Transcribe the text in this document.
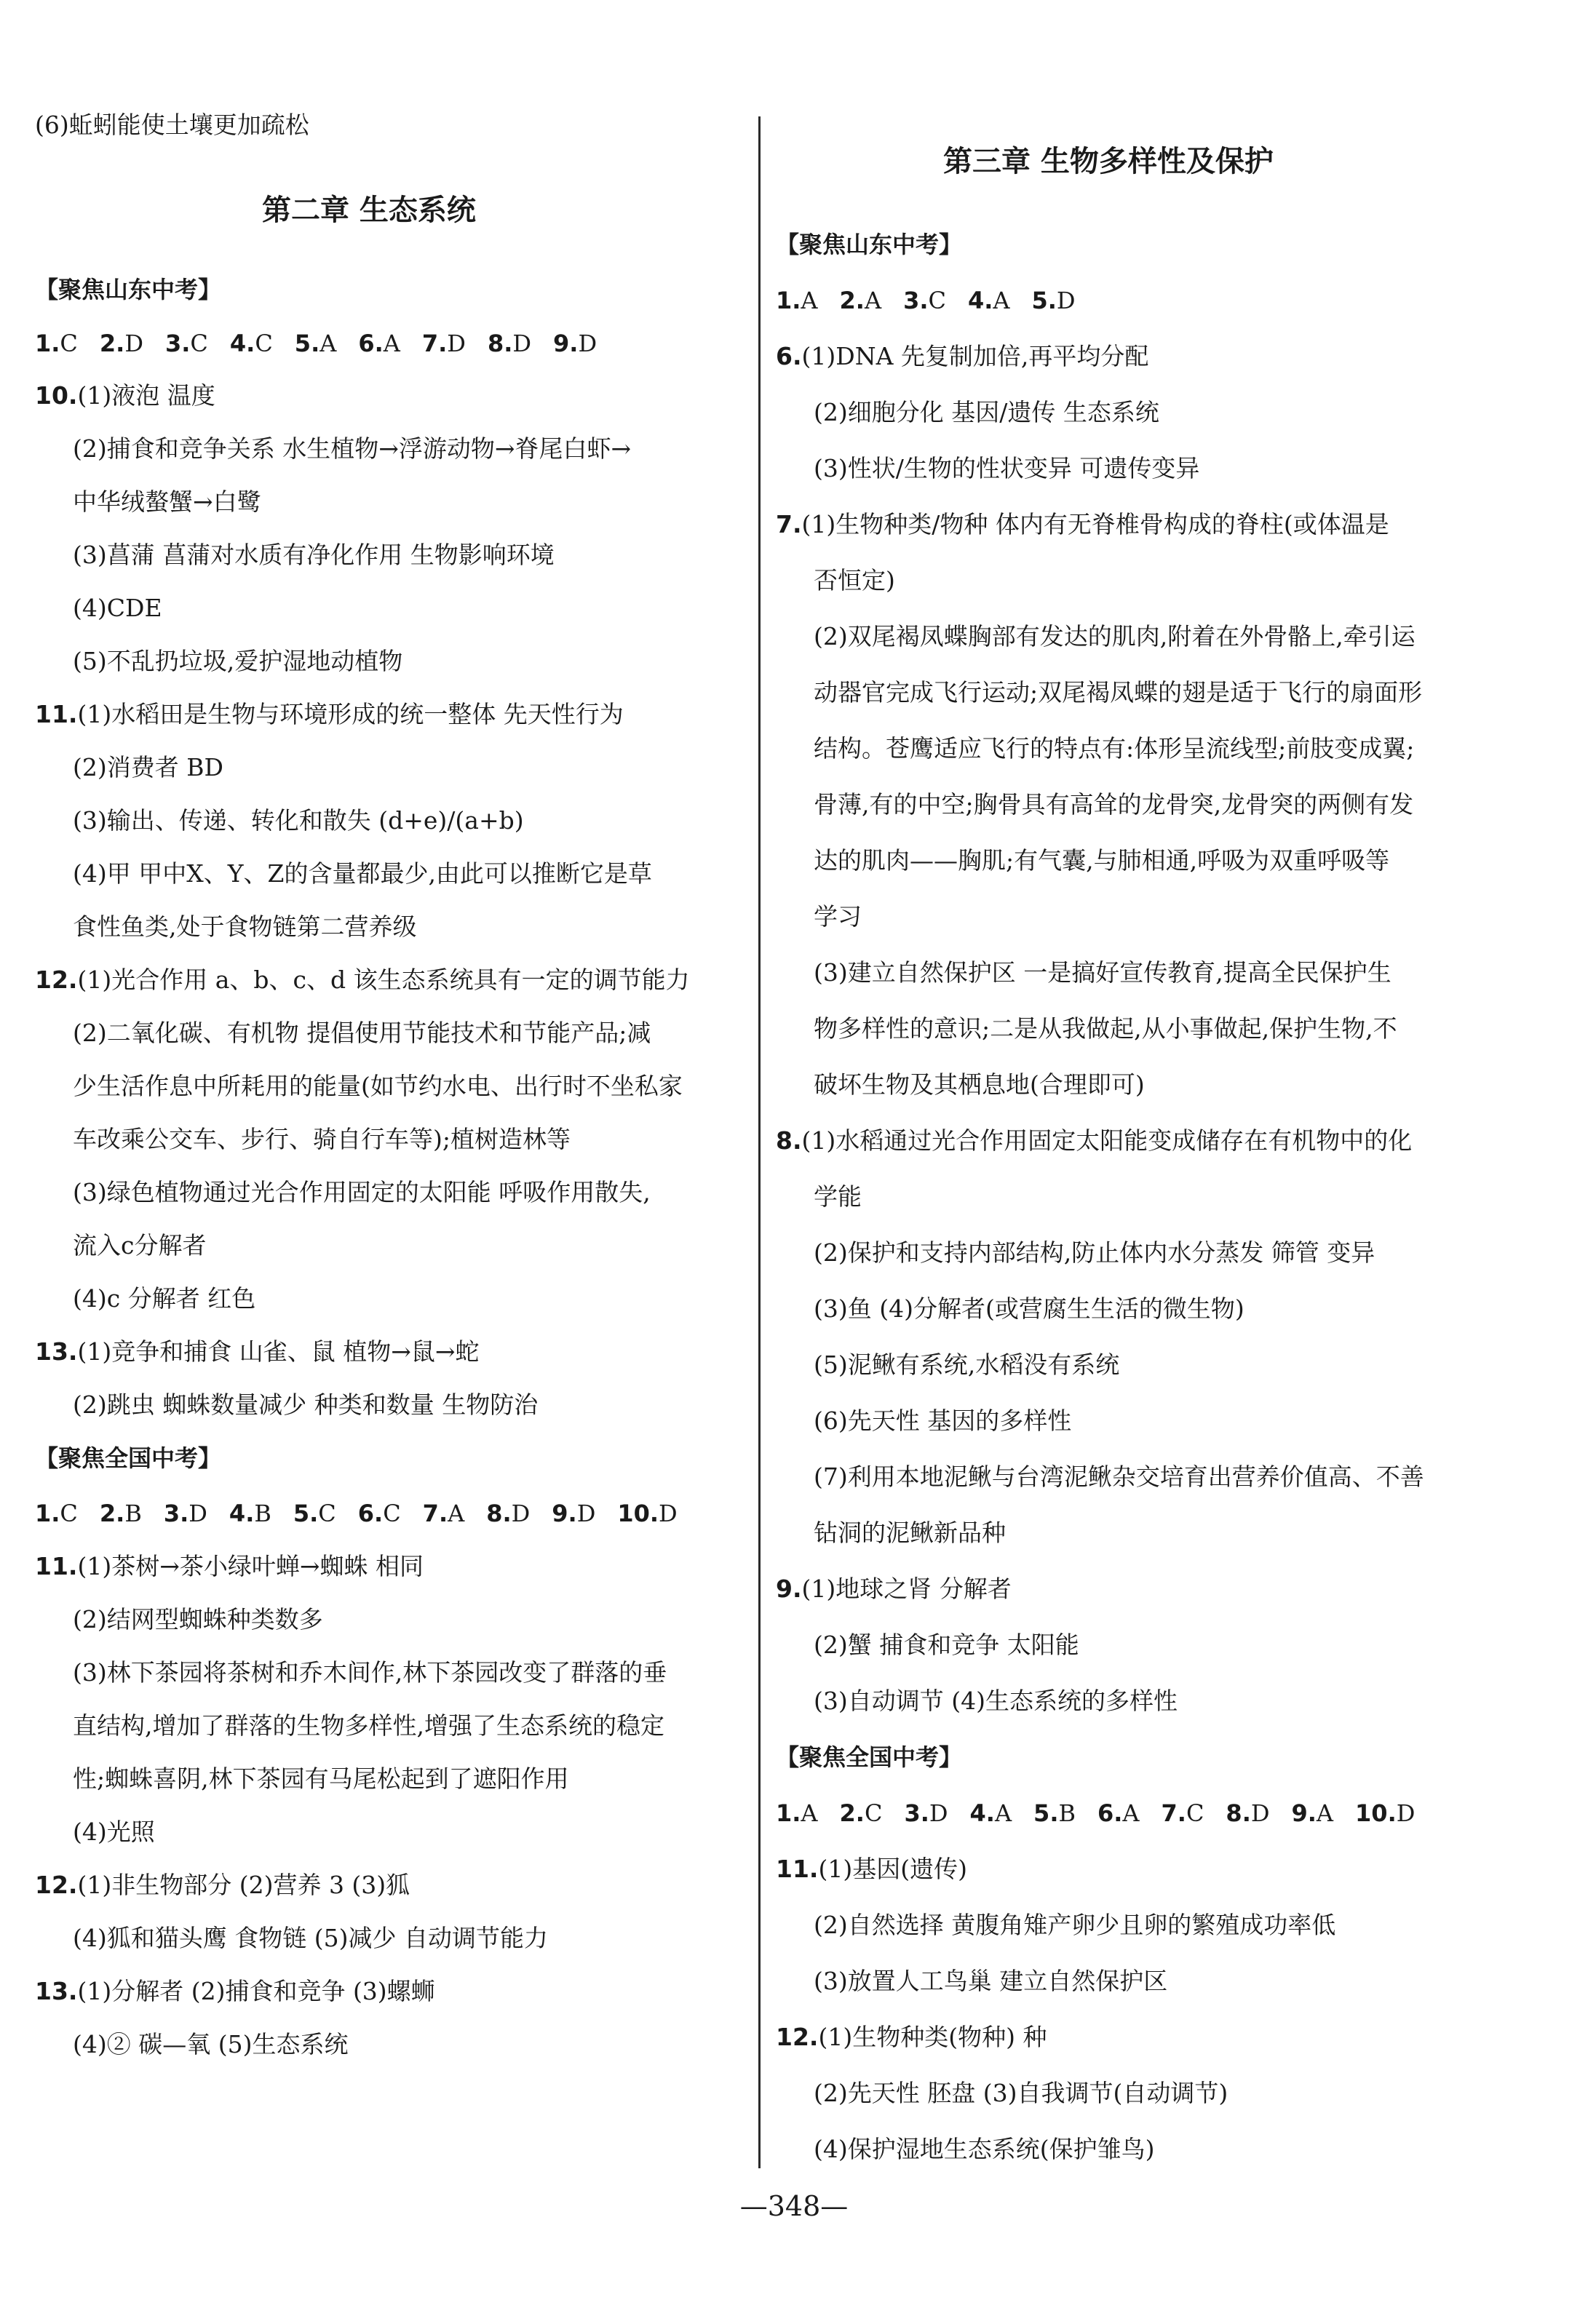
(6)蚯蚓能使土壤更加疏松
第二章 生态系统
【聚焦山东中考】
1.C 2.D 3.C 4.C 5.A 6.A 7.D 8.D 9.D
10.(1)液泡 温度
(2)捕食和竞争关系 水生植物→浮游动物→脊尾白虾→
中华绒螯蟹→白鹭
(3)菖蒲 菖蒲对水质有净化作用 生物影响环境
(4)CDE
(5)不乱扔垃圾,爱护湿地动植物
11.(1)水稻田是生物与环境形成的统一整体 先天性行为
(2)消费者 BD
(3)输出、传递、转化和散失 (d+e)/(a+b)
(4)甲 甲中X、Y、Z的含量都最少,由此可以推断它是草
食性鱼类,处于食物链第二营养级
12.(1)光合作用 a、b、c、d 该生态系统具有一定的调节能力
(2)二氧化碳、有机物 提倡使用节能技术和节能产品;减
少生活作息中所耗用的能量(如节约水电、出行时不坐私家
车改乘公交车、步行、骑自行车等);植树造林等
(3)绿色植物通过光合作用固定的太阳能 呼吸作用散失,
流入c分解者
(4)c 分解者 红色
13.(1)竞争和捕食 山雀、鼠 植物→鼠→蛇
(2)跳虫 蜘蛛数量减少 种类和数量 生物防治
【聚焦全国中考】
1.C 2.B 3.D 4.B 5.C 6.C 7.A 8.D 9.D 10.D
11.(1)茶树→茶小绿叶蝉→蜘蛛 相同
(2)结网型蜘蛛种类数多
(3)林下茶园将茶树和乔木间作,林下茶园改变了群落的垂
直结构,增加了群落的生物多样性,增强了生态系统的稳定
性;蜘蛛喜阴,林下茶园有马尾松起到了遮阳作用
(4)光照
12.(1)非生物部分 (2)营养 3 (3)狐
(4)狐和猫头鹰 食物链 (5)减少 自动调节能力
13.(1)分解者 (2)捕食和竞争 (3)螺蛳
(4)② 碳—氧 (5)生态系统
第三章 生物多样性及保护
【聚焦山东中考】
1.A 2.A 3.C 4.A 5.D
6.(1)DNA 先复制加倍,再平均分配
(2)细胞分化 基因/遗传 生态系统
(3)性状/生物的性状变异 可遗传变异
7.(1)生物种类/物种 体内有无脊椎骨构成的脊柱(或体温是
否恒定)
(2)双尾褐凤蝶胸部有发达的肌肉,附着在外骨骼上,牵引运
动器官完成飞行运动;双尾褐凤蝶的翅是适于飞行的扇面形
结构。苍鹰适应飞行的特点有:体形呈流线型;前肢变成翼;
骨薄,有的中空;胸骨具有高耸的龙骨突,龙骨突的两侧有发
达的肌肉——胸肌;有气囊,与肺相通,呼吸为双重呼吸等
学习
(3)建立自然保护区 一是搞好宣传教育,提高全民保护生
物多样性的意识;二是从我做起,从小事做起,保护生物,不
破坏生物及其栖息地(合理即可)
8.(1)水稻通过光合作用固定太阳能变成储存在有机物中的化
学能
(2)保护和支持内部结构,防止体内水分蒸发 筛管 变异
(3)鱼 (4)分解者(或营腐生生活的微生物)
(5)泥鳅有系统,水稻没有系统
(6)先天性 基因的多样性
(7)利用本地泥鳅与台湾泥鳅杂交培育出营养价值高、不善
钻洞的泥鳅新品种
9.(1)地球之肾 分解者
(2)蟹 捕食和竞争 太阳能
(3)自动调节 (4)生态系统的多样性
【聚焦全国中考】
1.A 2.C 3.D 4.A 5.B 6.A 7.C 8.D 9.A 10.D
11.(1)基因(遗传)
(2)自然选择 黄腹角雉产卵少且卵的繁殖成功率低
(3)放置人工鸟巢 建立自然保护区
12.(1)生物种类(物种) 种
(2)先天性 胚盘 (3)自我调节(自动调节)
(4)保护湿地生态系统(保护雏鸟)
—348—
